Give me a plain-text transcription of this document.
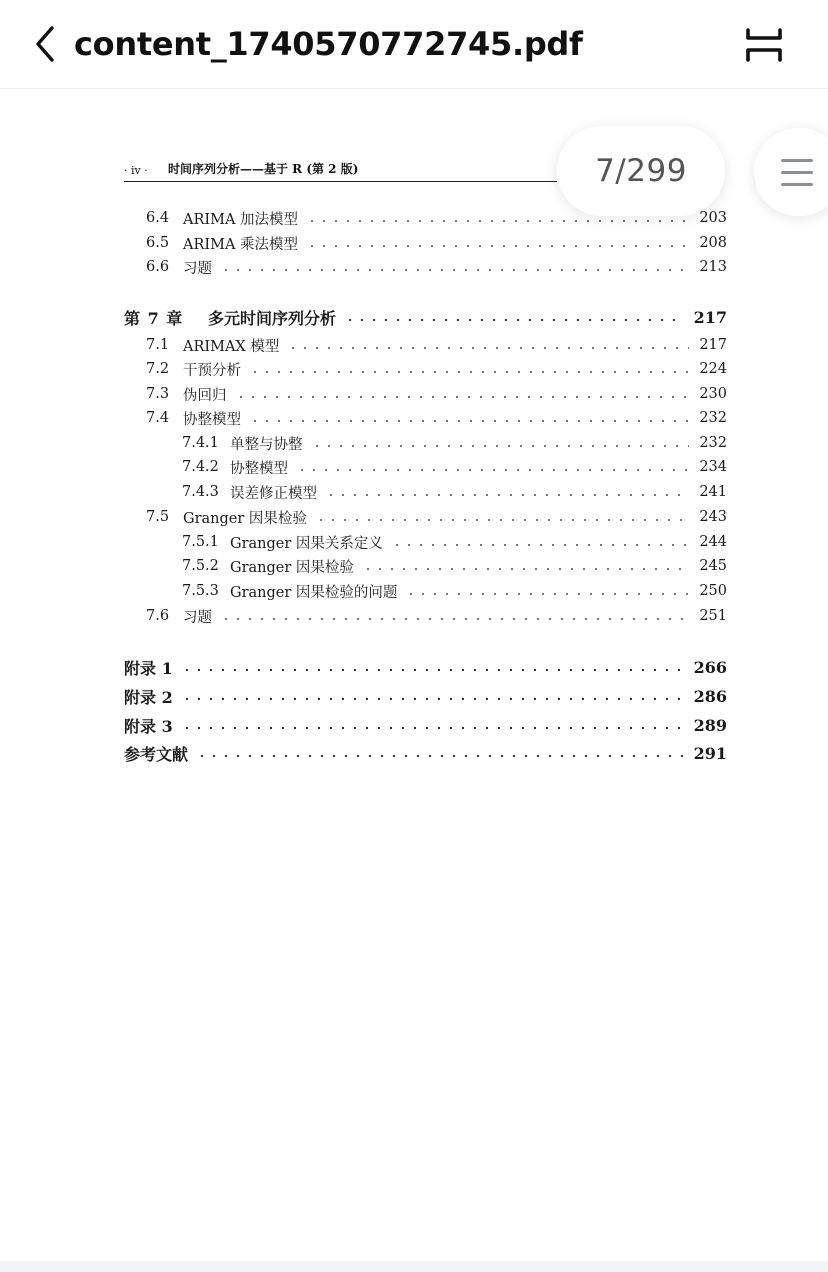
content_1740570772745.pdf
· iv · 时间序列分析——基于 R (第 2 版)
6.4 ARIMA 加法模型	203
6.5 ARIMA 乘法模型	208
6.6 习题	213
第 7 章	多元时间序列分析	217
7.1 ARIMAX 模型	217
7.2 干预分析	224
7.3 伪回归	230
7.4 协整模型	232
7.4.1 单整与协整	232
7.4.2 协整模型	234
7.4.3 误差修正模型	241
7.5 Granger 因果检验	243
7.5.1 Granger 因果关系定义	244
7.5.2 Granger 因果检验	245
7.5.3 Granger 因果检验的问题	250
7.6 习题	251
附录 1	266
附录 2	286
附录 3	289
参考文献	291
7/299
